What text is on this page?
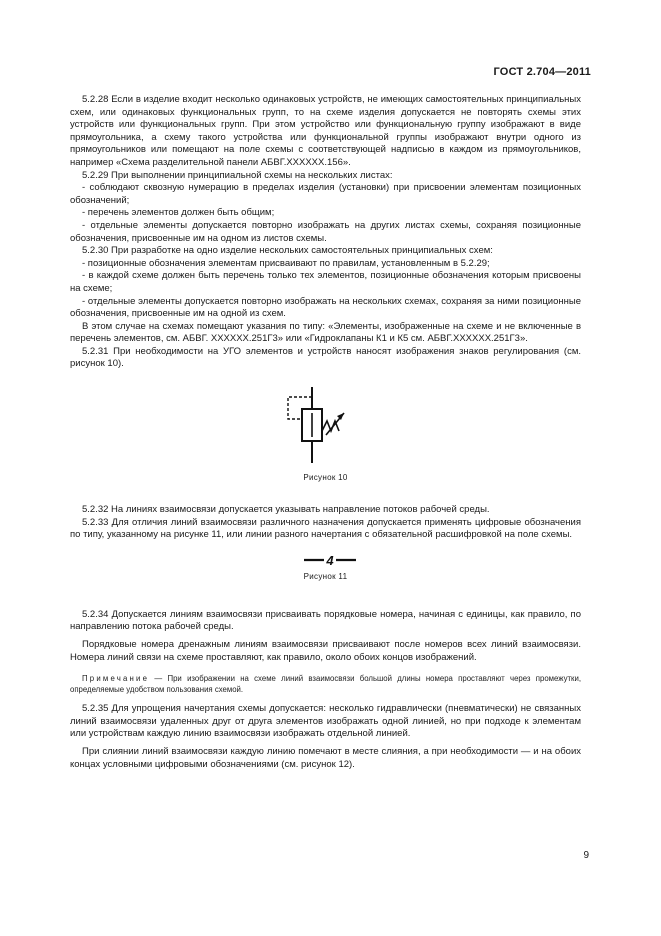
ГОСТ 2.704—2011

5.2.28 Если в изделие входит несколько одинаковых устройств, не имеющих самостоятельных принципиальных схем, или одинаковых функциональных групп, то на схеме изделия допускается не повторять схемы этих устройств или функциональных групп. При этом устройство или функциональную группу изображают в виде прямоугольника, а схему такого устройства или функциональной группы изображают внутри одного из прямоугольников или помещают на поле схемы с соответствующей надписью в каждом из прямоугольников, например «Схема разделительной панели АБВГ.XXXXXX.156».

5.2.29 При выполнении принципиальной схемы на нескольких листах:

- соблюдают сквозную нумерацию в пределах изделия (установки) при присвоении элементам позиционных обозначений;

- перечень элементов должен быть общим;

- отдельные элементы допускается повторно изображать на других листах схемы, сохраняя позиционные обозначения, присвоенные им на одном из листов схемы.

5.2.30 При разработке на одно изделие нескольких самостоятельных принципиальных схем:

- позиционные обозначения элементам присваивают по правилам, установленным в 5.2.29;

- в каждой схеме должен быть перечень только тех элементов, позиционные обозначения которым присвоены на схеме;

- отдельные элементы допускается повторно изображать на нескольких схемах, сохраняя за ними позиционные обозначения, присвоенные им на одной из схем.

В этом случае на схемах помещают указания по типу: «Элементы, изображенные на схеме и не включенные в перечень элементов, см. АБВГ. XXXXXX.251Г3» или «Гидроклапаны К1 и К5 см. АБВГ.XXXXXX.251Г3».

5.2.31 При необходимости на УГО элементов и устройств наносят изображения знаков регулирования (см. рисунок 10).

Рисунок 10

5.2.32 На линиях взаимосвязи допускается указывать направление потоков рабочей среды.

5.2.33 Для отличия линий взаимосвязи различного назначения допускается применять цифровые обозначения по типу, указанному на рисунке 11, или линии разного начертания с обязательной расшифровкой на поле схемы.

4
Рисунок 11

5.2.34 Допускается линиям взаимосвязи присваивать порядковые номера, начиная с единицы, как правило, по направлению потока рабочей среды.

Порядковые номера дренажным линиям взаимосвязи присваивают после номеров всех линий взаимосвязи. Номера линий связи на схеме проставляют, как правило, около обоих концов изображений.

Примечание — При изображении на схеме линий взаимосвязи большой длины номера проставляют через промежутки, определяемые удобством пользования схемой.

5.2.35 Для упрощения начертания схемы допускается: несколько гидравлически (пневматически) не связанных линий взаимосвязи удаленных друг от друга элементов изображать одной линией, но при подходе к элементам или устройствам каждую линию взаимосвязи изображать отдельной линией.

При слиянии линий взаимосвязи каждую линию помечают в месте слияния, а при необходимости — и на обоих концах условными цифровыми обозначениями (см. рисунок 12).

9
